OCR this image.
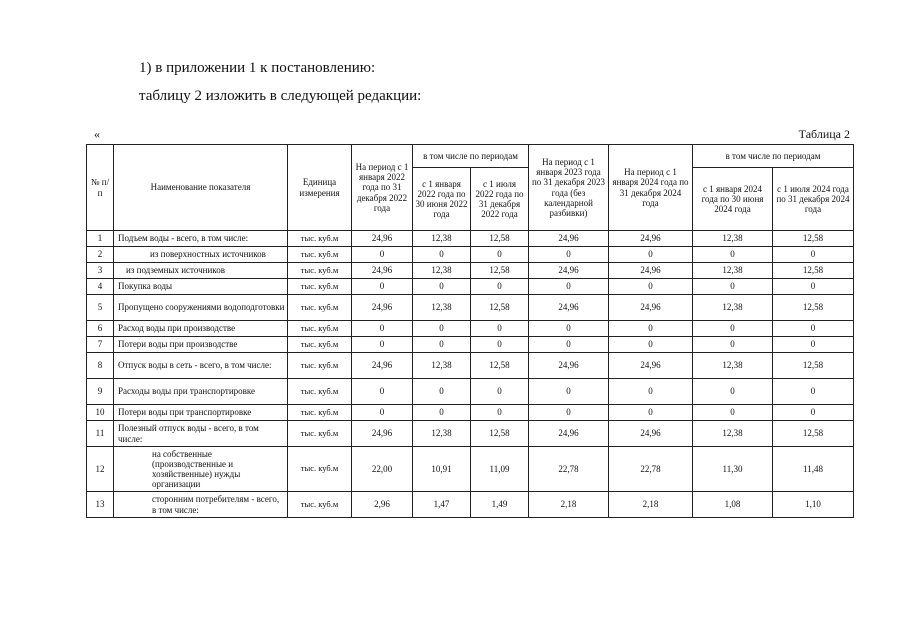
1) в приложении 1 к постановлению:
таблицу 2 изложить в следующей редакции:
«	Таблица 2
№ п/п	Наименование показателя	Единица измерения	На период с 1 января 2022 года по 31 декабря 2022 года	в том числе по периодам		На период с 1 января 2023 года по 31 декабря 2023 года (без календарной разбивки)	На период с 1 января 2024 года по 31 декабря 2024 года	в том числе по периодам	
				с 1 января 2022 года по 30 июня 2022 года	с 1 июля 2022 года по 31 декабря 2022 года			с 1 января 2024 года по 30 июня 2024 года	с 1 июля 2024 года по 31 декабря 2024 года
1	Подъем воды - всего, в том числе:	тыс. куб.м	24,96	12,38	12,58	24,96	24,96	12,38	12,58
2	из поверхностных источников	тыс. куб.м	0	0	0	0	0	0	0
3	из подземных источников	тыс. куб.м	24,96	12,38	12,58	24,96	24,96	12,38	12,58
4	Покупка воды	тыс. куб.м	0	0	0	0	0	0	0
5	Пропущено сооружениями водоподготовки	тыс. куб.м	24,96	12,38	12,58	24,96	24,96	12,38	12,58
6	Расход воды при производстве	тыс. куб.м	0	0	0	0	0	0	0
7	Потери воды при производстве	тыс. куб.м	0	0	0	0	0	0	0
8	Отпуск воды в сеть - всего, в том числе:	тыс. куб.м	24,96	12,38	12,58	24,96	24,96	12,38	12,58
9	Расходы воды при транспортировке	тыс. куб.м	0	0	0	0	0	0	0
10	Потери воды при транспортировке	тыс. куб.м	0	0	0	0	0	0	0
11	Полезный отпуск воды - всего, в том числе:	тыс. куб.м	24,96	12,38	12,58	24,96	24,96	12,38	12,58
12	на собственные (производственные и хозяйственные) нужды организации	тыс. куб.м	22,00	10,91	11,09	22,78	22,78	11,30	11,48
13	сторонним потребителям - всего, в том числе:	тыс. куб.м	2,96	1,47	1,49	2,18	2,18	1,08	1,10
